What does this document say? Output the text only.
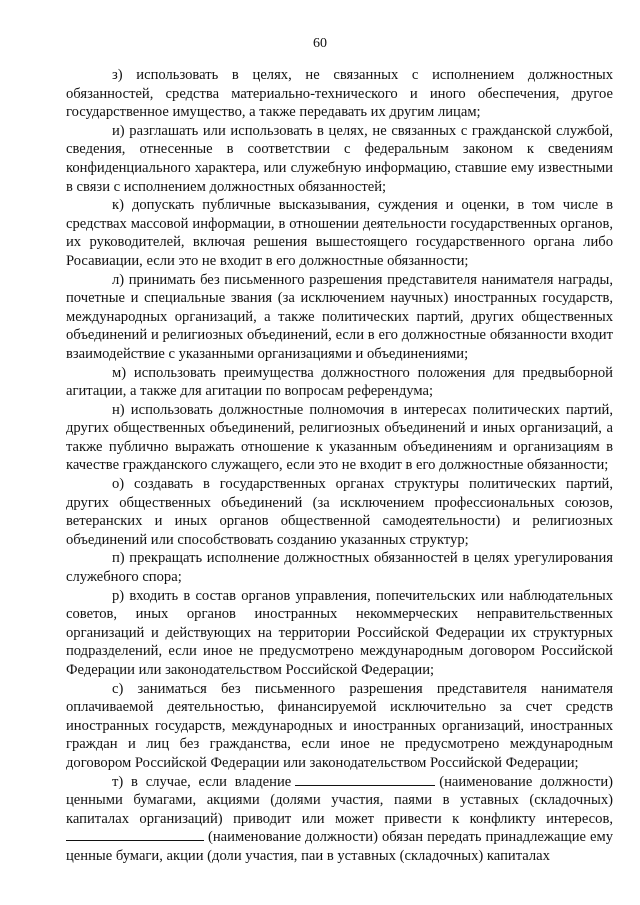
60

з) использовать в целях, не связанных с исполнением должностных обязанностей, средства материально-технического и иного обеспечения, другое государственное имущество, а также передавать их другим лицам;

и) разглашать или использовать в целях, не связанных с гражданской службой, сведения, отнесенные в соответствии с федеральным законом к сведениям конфиденциального характера, или служебную информацию, ставшие ему известными в связи с исполнением должностных обязанностей;

к) допускать публичные высказывания, суждения и оценки, в том числе в средствах массовой информации, в отношении деятельности государственных органов, их руководителей, включая решения вышестоящего государственного органа либо Росавиации, если это не входит в его должностные обязанности;

л) принимать без письменного разрешения представителя нанимателя награды, почетные и специальные звания (за исключением научных) иностранных государств, международных организаций, а также политических партий, других общественных объединений и религиозных объединений, если в его должностные обязанности входит взаимодействие с указанными организациями и объединениями;

м) использовать преимущества должностного положения для предвыборной агитации, а также для агитации по вопросам референдума;

н) использовать должностные полномочия в интересах политических партий, других общественных объединений, религиозных объединений и иных организаций, а также публично выражать отношение к указанным объединениям и организациям в качестве гражданского служащего, если это не входит в его должностные обязанности;

о) создавать в государственных органах структуры политических партий, других общественных объединений (за исключением профессиональных союзов, ветеранских и иных органов общественной самодеятельности) и религиозных объединений или способствовать созданию указанных структур;

п) прекращать исполнение должностных обязанностей в целях урегулирования служебного спора;

р) входить в состав органов управления, попечительских или наблюдательных советов, иных органов иностранных некоммерческих неправительственных организаций и действующих на территории Российской Федерации их структурных подразделений, если иное не предусмотрено международным договором Российской Федерации или законодательством Российской Федерации;

с) заниматься без письменного разрешения представителя нанимателя оплачиваемой деятельностью, финансируемой исключительно за счет средств иностранных государств, международных и иностранных организаций, иностранных граждан и лиц без гражданства, если иное не предусмотрено международным договором Российской Федерации или законодательством Российской Федерации;

т) в случае, если владение	(наименование должности) ценными бумагами, акциями (долями участия, паями в уставных (складочных) капиталах организаций) приводит или может привести к конфликту интересов, (наименование должности) обязан передать принадлежащие ему ценные бумаги, акции (доли участия, паи в уставных (складочных) капиталах
